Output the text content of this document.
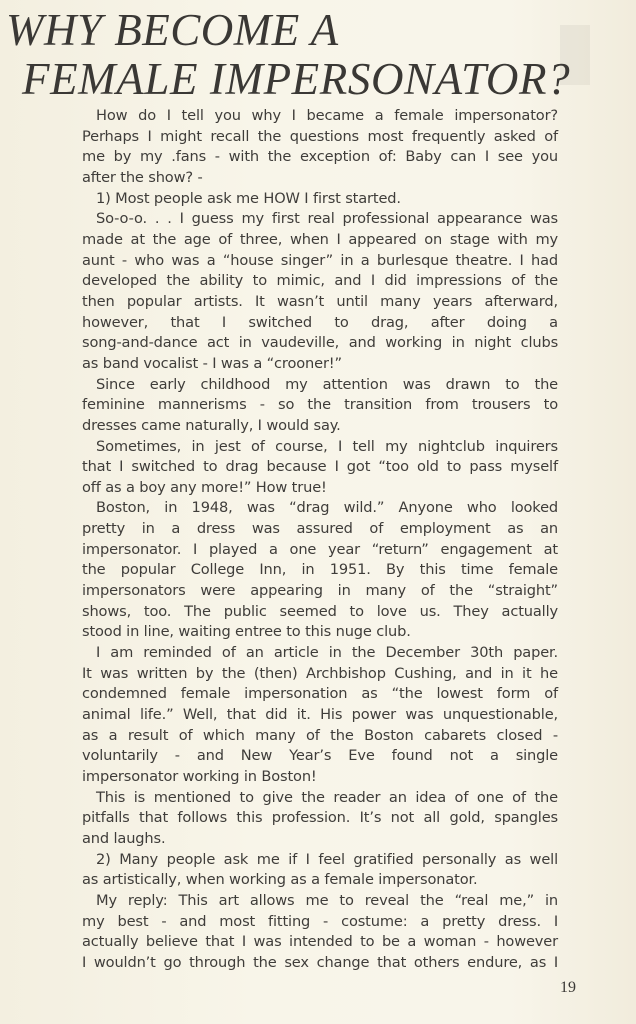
WHY BECOME A
FEMALE IMPERSONATOR?
How do I tell you why I became a female impersonator?
Perhaps I might recall the questions most frequently asked of
me by my .fans - with the exception of: Baby can I see you
after the show? -
1) Most people ask me HOW I first started.
So-o-o. . . I guess my first real professional appearance was
made at the age of three, when I appeared on stage with my
aunt - who was a “house singer” in a burlesque theatre. I had
developed the ability to mimic, and I did impressions of the
then popular artists. It wasn’t until many years afterward,
however, that I switched to drag, after doing a
song-and-dance act in vaudeville, and working in night clubs
as band vocalist - I was a “crooner!”
Since early childhood my attention was drawn to the
feminine mannerisms - so the transition from trousers to
dresses came naturally, I would say.
Sometimes, in jest of course, I tell my nightclub inquirers
that I switched to drag because I got “too old to pass myself
off as a boy any more!” How true!
Boston, in 1948, was “drag wild.” Anyone who looked
pretty in a dress was assured of employment as an
impersonator. I played a one year “return” engagement at
the popular College Inn, in 1951. By this time female
impersonators were appearing in many of the “straight”
shows, too. The public seemed to love us. They actually
stood in line, waiting entree to this nuge club.
I am reminded of an article in the December 30th paper.
It was written by the (then) Archbishop Cushing, and in it he
condemned female impersonation as “the lowest form of
animal life.” Well, that did it. His power was unquestionable,
as a result of which many of the Boston cabarets closed -
voluntarily - and New Year’s Eve found not a single
impersonator working in Boston!
This is mentioned to give the reader an idea of one of the
pitfalls that follows this profession. It’s not all gold, spangles
and laughs.
2) Many people ask me if I feel gratified personally as well
as artistically, when working as a female impersonator.
My reply: This art allows me to reveal the “real me,” in
my best - and most fitting - costume: a pretty dress. I
actually believe that I was intended to be a woman - however
I wouldn’t go through the sex change that others endure, as I
19
